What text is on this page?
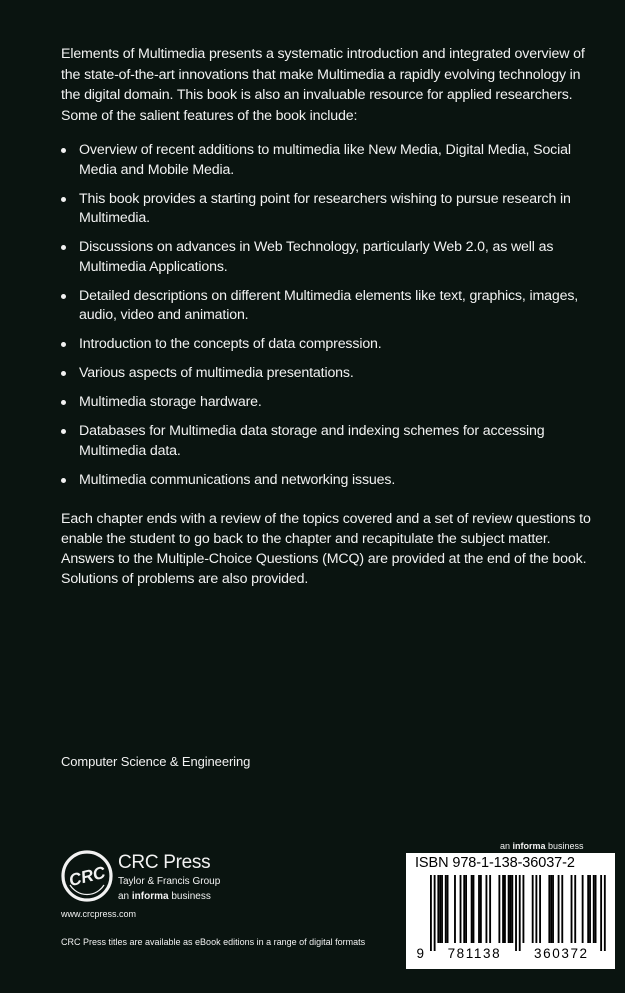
Elements of Multimedia presents a systematic introduction and integrated overview of the state-of-the-art innovations that make Multimedia a rapidly evolving technology in the digital domain. This book is also an invaluable resource for applied researchers. Some of the salient features of the book include:

Overview of recent additions to multimedia like New Media, Digital Media, Social Media and Mobile Media.
This book provides a starting point for researchers wishing to pursue research in Multimedia.
Discussions on advances in Web Technology, particularly Web 2.0, as well as Multimedia Applications.
Detailed descriptions on different Multimedia elements like text, graphics, images, audio, video and animation.
Introduction to the concepts of data compression.
Various aspects of multimedia presentations.
Multimedia storage hardware.
Databases for Multimedia data storage and indexing schemes for accessing Multimedia data.
Multimedia communications and networking issues.

Each chapter ends with a review of the topics covered and a set of review questions to enable the student to go back to the chapter and recapitulate the subject matter. Answers to the Multiple-Choice Questions (MCQ) are provided at the end of the book. Solutions of problems are also provided.

Computer Science & Engineering

CRC

CRC Press

Taylor & Francis Group

an informa business

www.crcpress.com

CRC Press titles are available as eBook editions in a range of digital formats

an informa business

ISBN 978-1-138-36037-2

9 781138 360372
